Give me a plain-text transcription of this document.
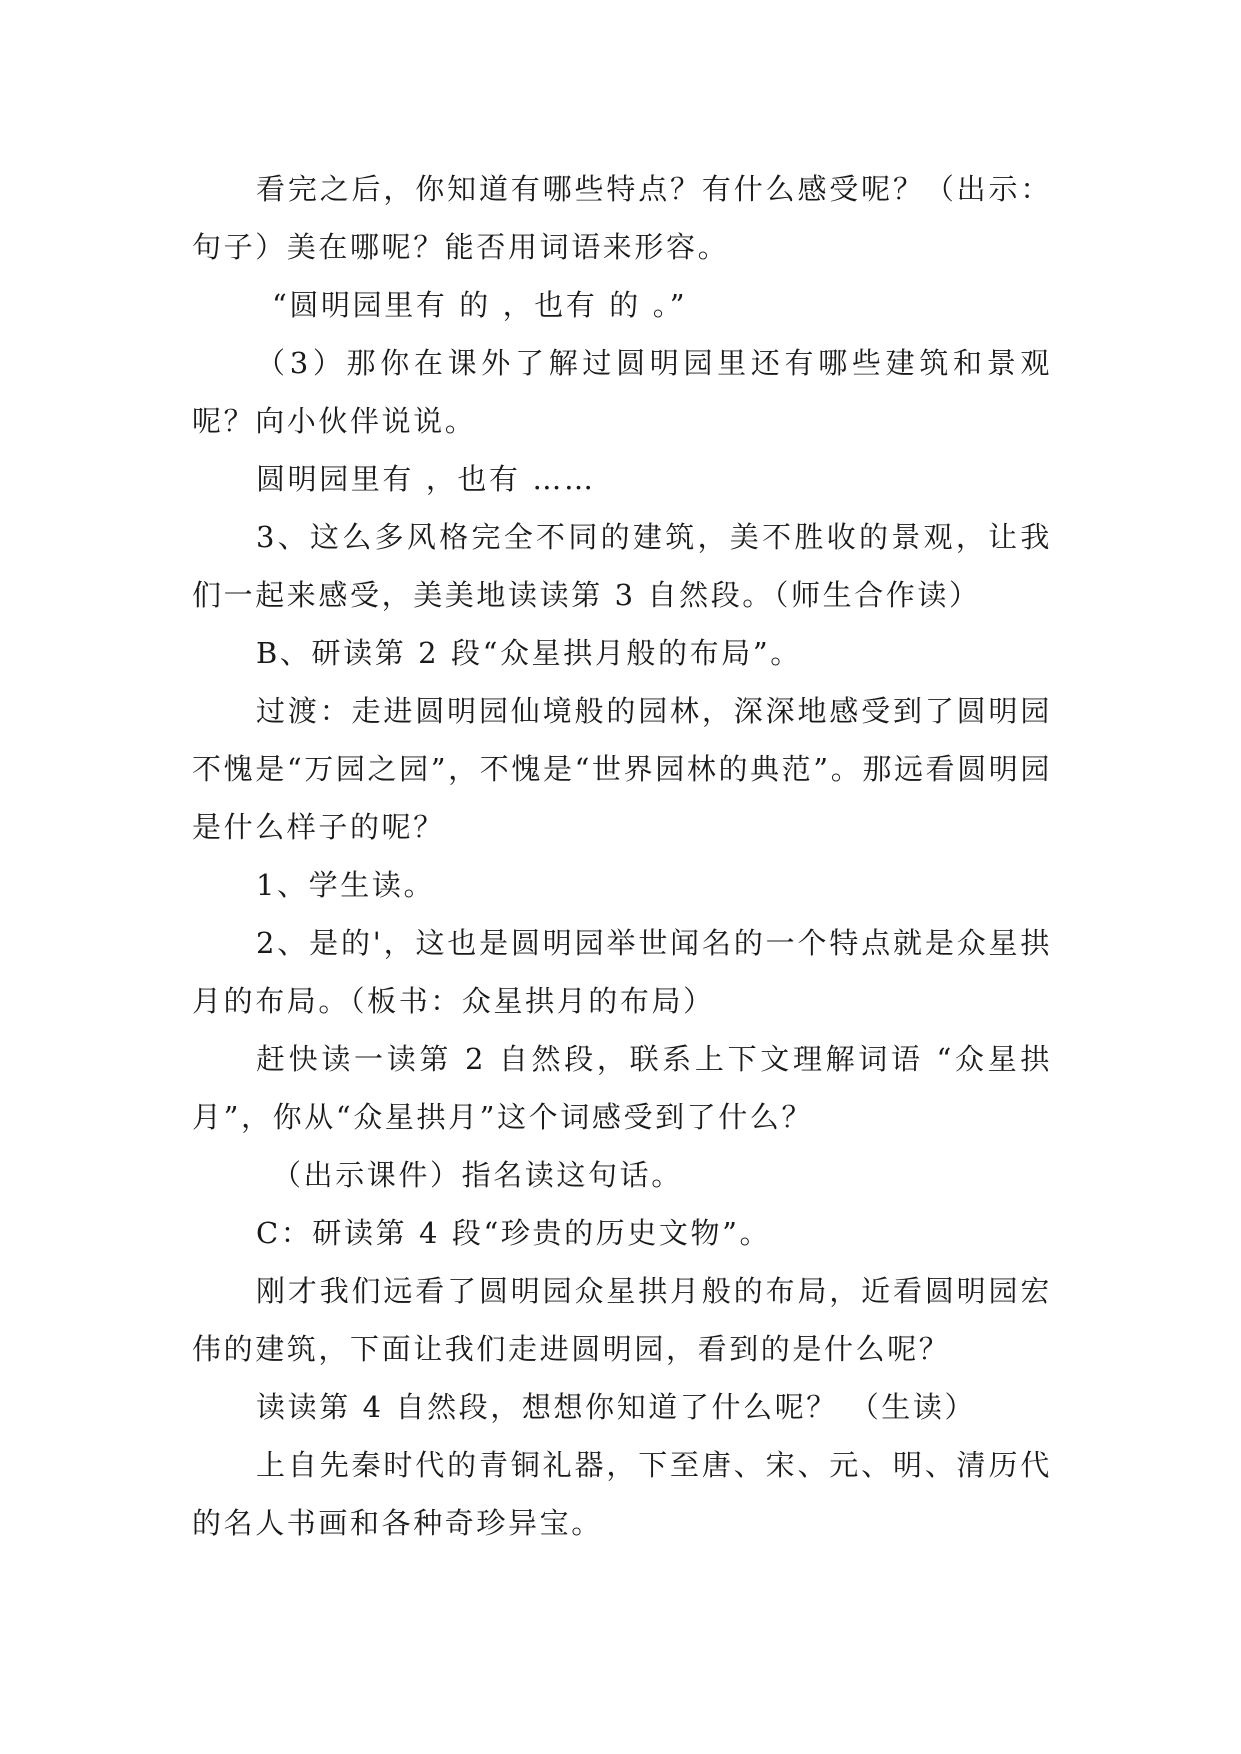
看完之后，你知道有哪些特点？有什么感受呢？（出示：句子）美在哪呢？能否用词语来形容。

“圆明园里有 的 ，也有 的 。”

（3）那你在课外了解过圆明园里还有哪些建筑和景观呢？向小伙伴说说。

圆明园里有 ，也有 ……

3、这么多风格完全不同的建筑，美不胜收的景观，让我们一起来感受，美美地读读第 3 自然段。（师生合作读）

B、研读第 2 段“众星拱月般的布局”。

过渡：走进圆明园仙境般的园林，深深地感受到了圆明园不愧是“万园之园”，不愧是“世界园林的典范”。那远看圆明园是什么样子的呢？

1、学生读。

2、是的'，这也是圆明园举世闻名的一个特点就是众星拱月的布局。（板书：众星拱月的布局）

赶快读一读第 2 自然段，联系上下文理解词语 “众星拱月”，你从“众星拱月”这个词感受到了什么？

（出示课件）指名读这句话。

C：研读第 4 段“珍贵的历史文物”。

刚才我们远看了圆明园众星拱月般的布局，近看圆明园宏伟的建筑，下面让我们走进圆明园，看到的是什么呢？

读读第 4 自然段，想想你知道了什么呢？ （生读）

上自先秦时代的青铜礼器，下至唐、宋、元、明、清历代的名人书画和各种奇珍异宝。
